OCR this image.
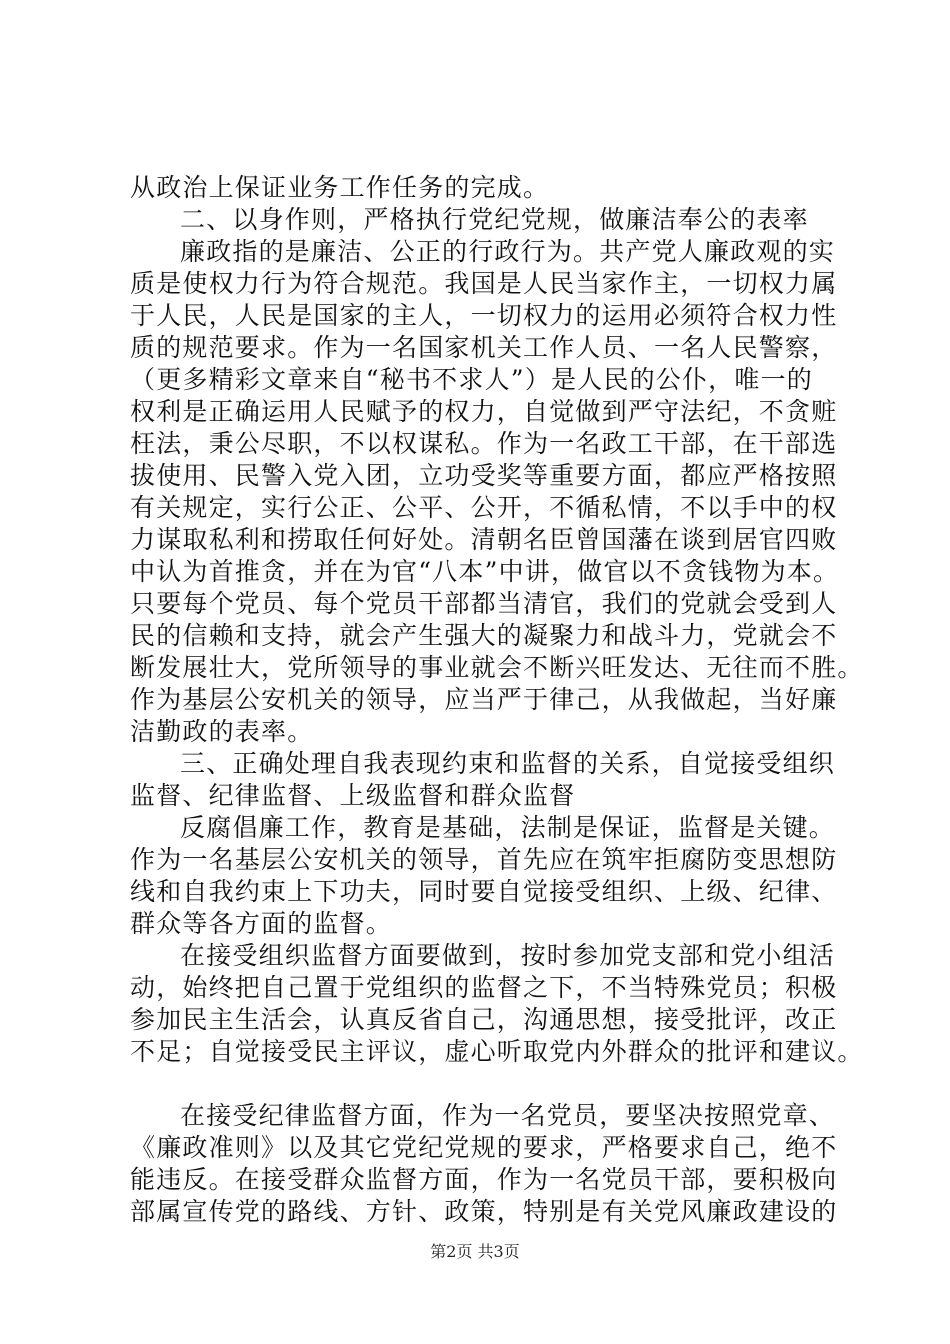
从政治上保证业务工作任务的完成。
二、以身作则，严格执行党纪党规，做廉洁奉公的表率
廉政指的是廉洁、公正的行政行为。共产党人廉政观的实
质是使权力行为符合规范。我国是人民当家作主，一切权力属
于人民，人民是国家的主人，一切权力的运用必须符合权力性
质的规范要求。作为一名国家机关工作人员、一名人民警察，
（更多精彩文章来自“秘书不求人”）是人民的公仆，唯一的
权利是正确运用人民赋予的权力，自觉做到严守法纪，不贪赃
枉法，秉公尽职，不以权谋私。作为一名政工干部，在干部选
拔使用、民警入党入团，立功受奖等重要方面，都应严格按照
有关规定，实行公正、公平、公开，不循私情，不以手中的权
力谋取私利和捞取任何好处。清朝名臣曾国藩在谈到居官四败
中认为首推贪，并在为官“八本”中讲，做官以不贪钱物为本。
只要每个党员、每个党员干部都当清官，我们的党就会受到人
民的信赖和支持，就会产生强大的凝聚力和战斗力，党就会不
断发展壮大，党所领导的事业就会不断兴旺发达、无往而不胜。
作为基层公安机关的领导，应当严于律己，从我做起，当好廉
洁勤政的表率。
三、正确处理自我表现约束和监督的关系，自觉接受组织
监督、纪律监督、上级监督和群众监督
反腐倡廉工作，教育是基础，法制是保证，监督是关键。
作为一名基层公安机关的领导，首先应在筑牢拒腐防变思想防
线和自我约束上下功夫，同时要自觉接受组织、上级、纪律、
群众等各方面的监督。
在接受组织监督方面要做到，按时参加党支部和党小组活
动，始终把自己置于党组织的监督之下，不当特殊党员；积极
参加民主生活会，认真反省自己，沟通思想，接受批评，改正
不足；自觉接受民主评议，虚心听取党内外群众的批评和建议。
在接受纪律监督方面，作为一名党员，要坚决按照党章、
《廉政准则》以及其它党纪党规的要求，严格要求自己，绝不
能违反。在接受群众监督方面，作为一名党员干部，要积极向
部属宣传党的路线、方针、政策，特别是有关党风廉政建设的
第2页 共3页
